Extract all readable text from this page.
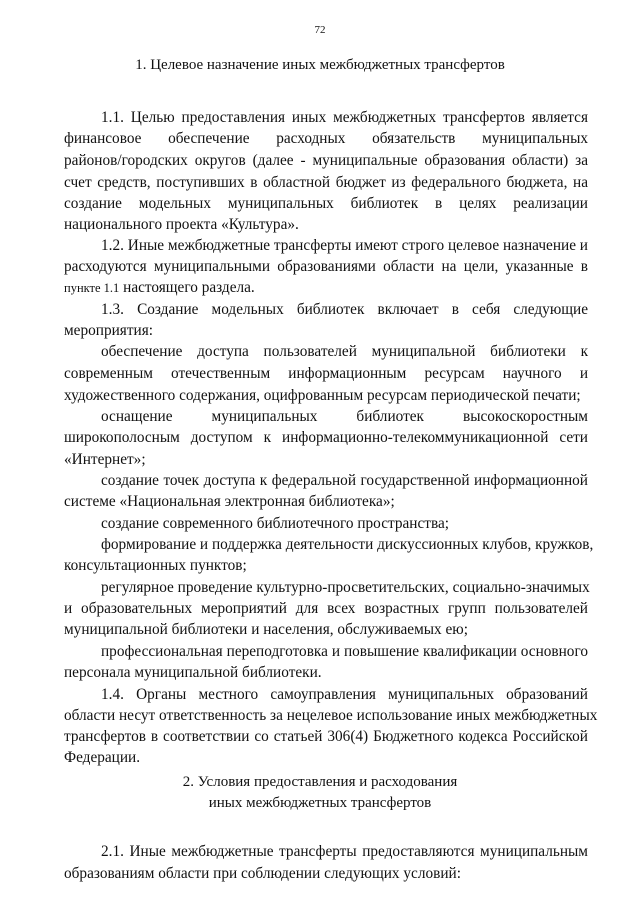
72
1. Целевое назначение иных межбюджетных трансфертов
1.1. Целью предоставления иных межбюджетных трансфертов является
финансовое обеспечение расходных обязательств муниципальных
районов/городских округов (далее - муниципальные образования области) за
счет средств, поступивших в областной бюджет из федерального бюджета, на
создание модельных муниципальных библиотек в целях реализации
национального проекта «Культура».
1.2. Иные межбюджетные трансферты имеют строго целевое назначение и
расходуются муниципальными образованиями области на цели, указанные в
пункте 1.1 настоящего раздела.
1.3. Создание модельных библиотек включает в себя следующие
мероприятия:
обеспечение доступа пользователей муниципальной библиотеки к
современным отечественным информационным ресурсам научного и
художественного содержания, оцифрованным ресурсам периодической печати;
оснащение муниципальных библиотек высокоскоростным
широкополосным доступом к информационно-телекоммуникационной сети
«Интернет»;
создание точек доступа к федеральной государственной информационной
системе «Национальная электронная библиотека»;
создание современного библиотечного пространства;
формирование и поддержка деятельности дискуссионных клубов, кружков,
консультационных пунктов;
регулярное проведение культурно-просветительских, социально-значимых
и образовательных мероприятий для всех возрастных групп пользователей
муниципальной библиотеки и населения, обслуживаемых ею;
профессиональная переподготовка и повышение квалификации основного
персонала муниципальной библиотеки.
1.4. Органы местного самоуправления муниципальных образований
области несут ответственность за нецелевое использование иных межбюджетных
трансфертов в соответствии со статьей 306(4) Бюджетного кодекса Российской
Федерации.
2. Условия предоставления и расходования
иных межбюджетных трансфертов
2.1. Иные межбюджетные трансферты предоставляются муниципальным
образованиям области при соблюдении следующих условий:
